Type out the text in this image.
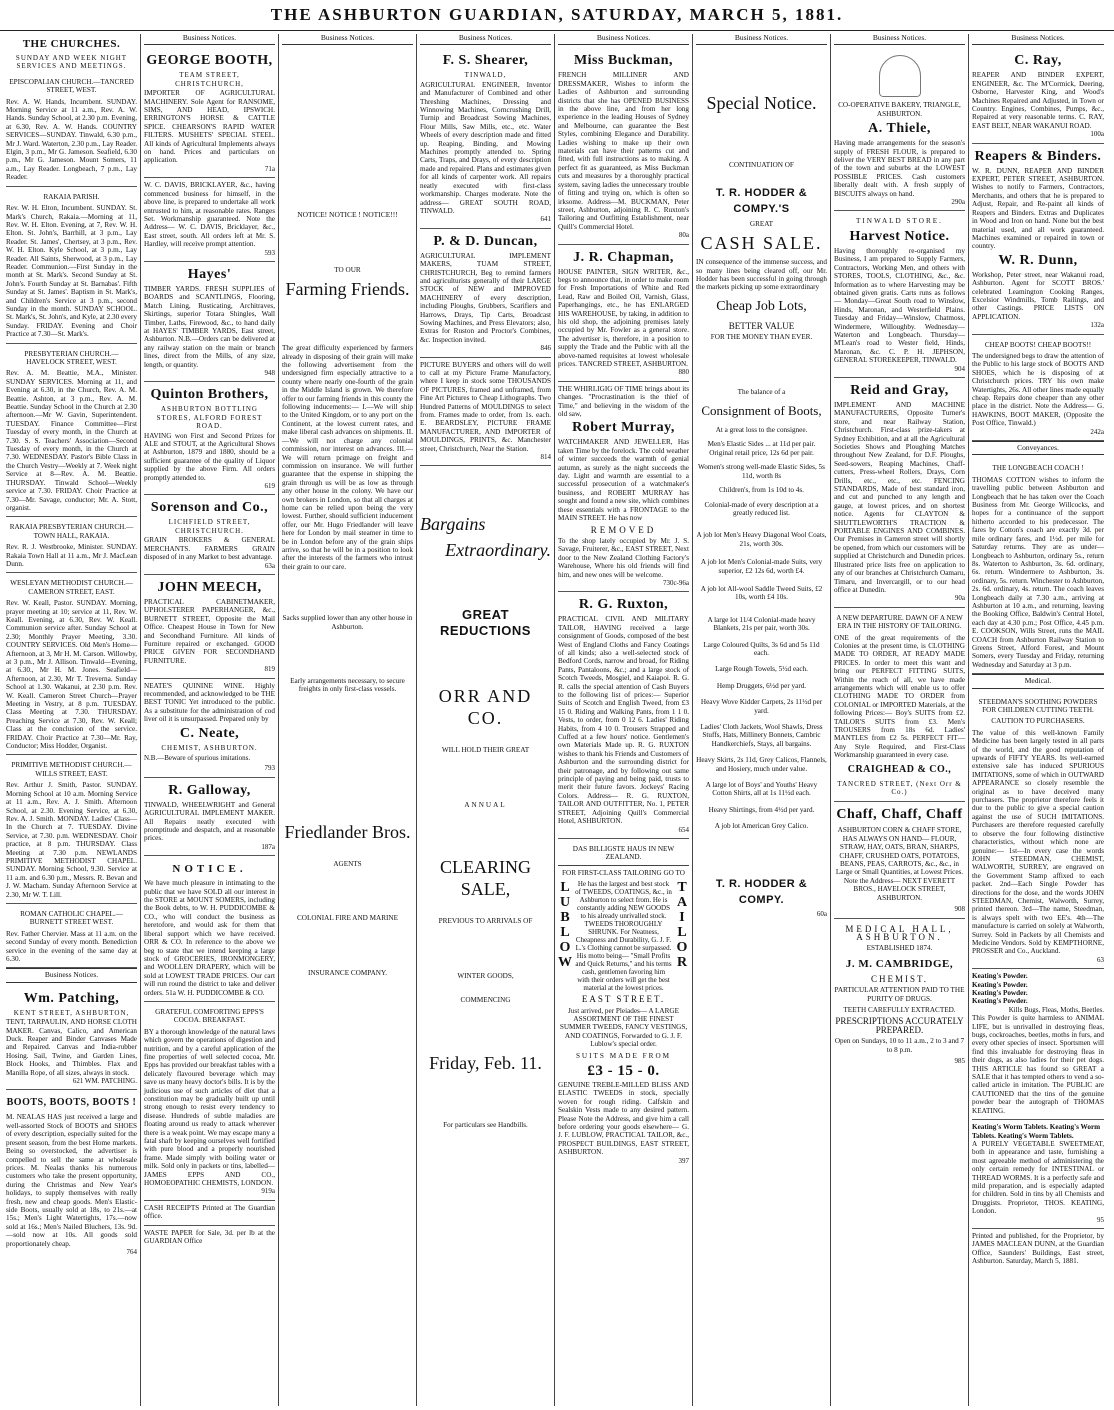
THE ASHBURTON GUARDIAN, SATURDAY, MARCH 5, 1881.
THE CHURCHES.
SUNDAY AND WEEK NIGHT SERVICES AND MEETINGS.
EPISCOPALIAN CHURCH.—TANCRED STREET, WEST.
Rev. A. W. Hands, Incumbent. SUNDAY. Morning Service at 11 a.m., Rev. A. W. Hands. Sunday School, at 2.30 p.m. Evening, at 6.30, Rev. A. W. Hands. COUNTRY SERVICES—SUNDAY. Tinwald, 6.30 p.m., Mr J. Ward. Waterton, 2.30 p.m., Lay Reader. Elgin, 3 p.m., Mr G. Jameson. Seafield, 6.30 p.m., Mr G. Jameson. Mount Somers, 11 a.m., Lay Reader. Longbeach, 7 p.m., Lay Reader.
RAKAIA PARISH.
Rev. W. H. Elton, Incumbent. SUNDAY. St. Mark's Church, Rakaia.—Morning at 11, Rev. W. H. Elton. Evening, at 7, Rev. W. H. Elton. St. John's, Barrhill, at 3 p.m., Lay Reader. St. James', Chertsey, at 3 p.m., Rev. W. H. Elton. Kyle School, at 3 p.m., Lay Reader. All Saints, Sherwood, at 3 p.m., Lay Reader. Communion.—First Sunday in the month at St. Mark's. Second Sunday at St. John's. Fourth Sunday at St. Barnabas'. Fifth Sunday at St. James'. Baptism in St. Mark's, and Children's Service at 3 p.m., second Sunday in the month. SUNDAY SCHOOL. St. Mark's, St. John's, and Kyle, at 2.30 every Sunday. FRIDAY. Evening and Choir Practice at 7.30—St. Mark's.
PRESBYTERIAN CHURCH.—HAVELOCK STREET, WEST.
Rev. A. M. Beattie, M.A., Minister. SUNDAY SERVICES. Morning at 11, and Evening at 6.30, in the Church, Rev. A. M. Beattie. Ashton, at 3 p.m., Rev. A. M. Beattie. Sunday School in the Church at 2.30 afternoon.—Mr W. Gavin, Superintendent. TUESDAY. Finance Committee—First Tuesday of every month, in the Church at 7.30. S. S. Teachers' Association—Second Tuesday of every month, in the Church at 7.30. WEDNESDAY. Pastor's Bible Class in the Church Vestry—Weekly at 7. Week night Service at 8—Rev. A. M. Beattie. THURSDAY. Tinwald School—Weekly service at 7.30. FRIDAY. Choir Practice at 7.30—Mr. Savage, conductor; Mr. A. Stott, organist.
RAKAIA PRESBYTERIAN CHURCH.—TOWN HALL, RAKAIA.
Rev. R. J. Westbrooke, Minister. SUNDAY. Rakaia Town Hall at 11 a.m., Mr J. MacLean Dunn.
WESLEYAN METHODIST CHURCH.—CAMERON STREET, EAST.
Rev. W. Keall, Pastor. SUNDAY. Morning, prayer meeting at 10; service at 11, Rev. W. Keall. Evening, at 6.30, Rev. W. Keall. Communion service after. Sunday School at 2.30; Monthly Prayer Meeting, 3.30. COUNTRY SERVICES. Old Men's Home—Afternoon, at 3, Mr H. M. Carson. Willowby, at 3 p.m., Mr J. Allison. Tinwald—Evening, at 6.30., Mr H. M. Jones. Seafield—Afternoon, at 2.30, Mr T. Treverna. Sunday School at 1.30. Wakanui, at 2.30 p.m. Rev. W. Keall. Cameron Street Church—Prayer Meeting in Vestry, at 8 p.m. TUESDAY. Class Meeting at 7.30. THURSDAY. Preaching Service at 7.30, Rev. W. Keall; Class at the conclusion of the service. FRIDAY. Choir Practice at 7.30—Mr. Ray, Conductor; Miss Hodder, Organist.
PRIMITIVE METHODIST CHURCH.—WILLS STREET, EAST.
Rev. Arthur J. Smith, Pastor. SUNDAY. Morning School at 10 a.m. Morning Service at 11 a.m., Rev. A. J. Smith. Afternoon School, at 2.30. Evening Service, at 6.30, Rev. A. J. Smith. MONDAY. Ladies' Class—In the Church at 7. TUESDAY. Divine Service, at 7.30. p.m. WEDNESDAY. Choir practice, at 8 p.m. THURSDAY. Class Meeting at 7.30 p.m. NEWLANDS PRIMITIVE METHODIST CHAPEL. SUNDAY. Morning School, 9.30. Service at 11 a.m. and 6.30 p.m., Messrs. R. Bevan and J. W. Macham. Sunday Afternoon Service at 2.30, Mr W. T. Lill.
ROMAN CATHOLIC CHAPEL.—BURNETT STREET WEST.
Rev. Father Chervier. Mass at 11 a.m. on the second Sunday of every month. Benediction service in the evening of the same day at 6.30.
Business Notices.
Wm. Patching,
KENT STREET, ASHBURTON,
TENT, TARPAULIN, AND HORSE CLOTH MAKER. Canvas, Calico, and American Duck. Reaper and Binder Canvases Made and Repaired. Canvas and India-rubber Hosing. Sail, Twine, and Garden Lines, Block Hooks, and Thimbles. Flax and Manilla Rope, of all sizes, always in stock.
621 WM. PATCHING.
BOOTS, BOOTS, BOOTS !
M. NEALAS HAS just received a large and well-assorted Stock of BOOTS and SHOES of every description, especially suited for the present season, from the best Home markets. Being so overstocked, the advertiser is compelled to sell the same at wholesale prices. M. Nealas thanks his numerous customers who take the present opportunity, during the Christmas and New Year's holidays, to supply themselves with really fresh, new and cheap goods. Men's Elastic-side Boots, usually sold at 18s, to 21s.—at 15s.; Men's Light Watertights, 17s.—now sold at 16s.; Men's Nailed Bluchers, 13s. 9d.—sold now at 10s. All goods sold proportionately cheap.
764
Business Notices.
GEORGE BOOTH,
TEAM STREET, CHRISTCHURCH,
IMPORTER OF AGRICULTURAL MACHINERY. Sole Agent for RANSOME, SIMS, AND HEAD, IPSWICH. ERRINGTON'S HORSE & CATTLE SPICE. CHEARSON'S RAPID WATER FILTERS. MUSHETS' SPECIAL STEEL. All kinds of Agricultural Implements always on hand. Prices and particulars on application.
71a
W. C. DAVIS, BRICKLAYER, &c., having commenced business for himself, in the above line, is prepared to undertake all work entrusted to him, at reasonable rates. Ranges Set. Workmanship guaranteed. Note the Address— W. C. DAVIS, Bricklayer, &c., East street, south. All orders left at Mr. S. Hardley, will receive prompt attention.
593
Hayes'
TIMBER YARDS. FRESH SUPPLIES of BOARDS and SCANTLINGS, Flooring, Match Lining, Rusticating, Architraves, Skirtings, superior Totara Shingles, Wall Timber, Laths, Firewood, &c., to hand daily at HAYES' TIMBER YARDS, East street, Ashburton. N.B.—Orders can be delivered at any railway station on the main or branch lines, direct from the Mills, of any size, length, or quantity.
948
Quinton Brothers,
ASHBURTON BOTTLING STORES, ALFORD FOREST ROAD.
HAVING won First and Second Prizes for ALE and STOUT, at the Agricultural Shows at Ashburton, 1879 and 1880, should be a sufficient guarantee of the quality of Liquor supplied by the above Firm. All orders promptly attended to.
619
Sorenson and Co.,
LICHFIELD STREET, CHRISTCHURCH.
GRAIN BROKERS & GENERAL MERCHANTS. FARMERS GRAIN disposed of in any Market to best advantage.
63a
JOHN MEECH,
PRACTICAL CABINETMAKER, UPHOLSTERER PAPERHANGER, &c., BURNETT STREET, Opposite the Mail Office. Cheapest House in Town for New and Secondhand Furniture. All kinds of Furniture repaired or exchanged. GOOD PRICE GIVEN FOR SECONDHAND FURNITURE.
819
NEATE'S QUININE WINE. Highly recommended, and acknowledged to be THE BEST TONIC Yet introduced to the public. As a substitute for the administration of cod liver oil it is unsurpassed. Prepared only by
C. Neate,
CHEMIST, ASHBURTON.
N.B.—Beware of spurious imitations.
793
R. Galloway,
TINWALD, WHEELWRIGHT and General AGRICULTURAL IMPLEMENT MAKER. All Repairs neatly executed with promptitude and despatch, and at reasonable prices.
187a
NOTICE.
We have much pleasure in intimating to the public that we have SOLD all our interest in the STORE at MOUNT SOMERS, including the Book debts, to W. H. PUDDICOMBE & CO., who will conduct the business as heretofore, and would ask for them that liberal support which we have received. ORR & CO. In reference to the above we beg to state that we intend keeping a large stock of GROCERIES, IRONMONGERY, and WOOLLEN DRAPERY, which will be sold at LOWEST TRADE PRICES. Our cart will run round the district to take and deliver orders. 51a W. H. PUDDICOMBE & CO.
GRATEFUL COMFORTING EPPS'S COCOA. BREAKFAST.
BY a thorough knowledge of the natural laws which govern the operations of digestion and nutrition, and by a careful application of the fine properties of well selected cocoa, Mr. Epps has provided our breakfast tables with a delicately flavoured beverage which may save us many heavy doctor's bills. It is by the judicious use of such articles of diet that a constitution may be gradually built up until strong enough to resist every tendency to disease. Hundreds of subtle maladies are floating around us ready to attack wherever there is a weak point. We may escape many a fatal shaft by keeping ourselves well fortified with pure blood and a properly nourished frame. Made simply with boiling water or milk. Sold only in packets or tins, labelled— JAMES EPPS AND CO., HOMOEOPATHIC CHEMISTS, LONDON.
919a
CASH RECEIPTS Printed at The Guardian office.
WASTE PAPER for Sale, 3d. per lb at the GUARDIAN Office
Business Notices.
NOTICE! NOTICE ! NOTICE!!!
TO OUR
Farming Friends.
The great difficulty experienced by farmers already in disposing of their grain will make the following advertisement from the undersigned firm especially attractive to a county where nearly one-fourth of the grain in the Middle Island is grown. We therefore offer to our farming friends in this county the following inducements:— I.—We will ship to the United Kingdom, or to any port on the Continent, at the lowest current rates, and make liberal cash advances on shipments. II.—We will not charge any colonial commission, nor interest on advances. III.—We will return primage on freight and commission on insurance. We will further guarantee that the expense in shipping the grain through us will be as low as through any other house in the colony. We have our own brokers in London, so that all charges at home can be relied upon being the very lowest. Further, should sufficient inducement offer, our Mr. Hugo Friedlander will leave here for London by mail steamer in time to be in London before any of the grain ships arrive, so that he will be in a position to look after the interests of the farmers who intrust their grain to our care.
Sacks supplied lower than any other house in Ashburton.
Early arrangements necessary, to secure freights in only first-class vessels.
Friedlander Bros.
AGENTS
COLONIAL FIRE AND MARINE
INSURANCE COMPANY.
Business Notices.
F. S. Shearer,
TINWALD,
AGRICULTURAL ENGINEER, Inventor and Manufacturer of Combined and other Threshing Machines, Dressing and Winnowing Machines, Corncrushing Drill, Turnip and Broadcast Sowing Machines, Flour Mills, Saw Mills, etc., etc. Water Wheels of every description made and fitted up. Reaping, Binding, and Mowing Machines promptly attended to. Spring Carts, Traps, and Drays, of every description made and repaired. Plans and estimates given for all kinds of carpenter work. All repairs neatly executed with first-class workmanship. Charges moderate. Note the address— GREAT SOUTH ROAD, TINWALD.
641
P. & D. Duncan,
AGRICULTURAL IMPLEMENT MAKERS, TUAM STREET, CHRISTCHURCH, Beg to remind farmers and agriculturists generally of their LARGE STOCK of NEW and IMPROVED MACHINERY of every description, including Ploughs, Grubbers, Scarifiers and Harrows, Drays, Tip Carts, Broadcast Sowing Machines, and Press Elevators; also, Extras for Ruston and Proctor's Combines, &c. Inspection invited.
846
PICTURE BUYERS and others will do well to call at my Picture Frame Manufactory, where I keep in stock some THOUSANDS OF PICTURES, framed and unframed, from Fine Art Pictures to Cheap Lithographs. Two Hundred Patterns of MOULDINGS to select from. Frames made to order, from 1s. each. E. BEARDSLEY, PICTURE FRAME MANUFACTURER, AND IMPORTER of MOULDINGS, PRINTS, &c. Manchester street, Christchurch, Near the Station.
814
Bargains
Extraordinary.
GREAT REDUCTIONS
ORR AND CO.
WILL HOLD THEIR GREAT
ANNUAL
CLEARING SALE,
PREVIOUS TO ARRIVALS OF
WINTER GOODS,
COMMENCING
Friday, Feb. 11.
For particulars see Handbills.
Business Notices.
Miss Buckman,
FRENCH MILLINER AND DRESSMAKER, Wishes to inform the Ladies of Ashburton and surrounding districts that she has OPENED BUSINESS in the above line, and from her long experience in the leading Houses of Sydney and Melbourne, can guarantee the Best Styles, combining Elegance and Durability. Ladies wishing to make up their own materials can have their patterns cut and fitted, with full instructions as to making. A perfect fit as guaranteed, as Miss Buckman cuts and measures by a thoroughly practical system, saving ladies the unnecessary trouble of fitting and trying on, which is often so irksome. Address—M. BUCKMAN, Peter street, Ashburton, adjoining R. C. Ruxton's Tailoring and Outfitting Establishment, near Quill's Commercial Hotel.
80a
J. R. Chapman,
HOUSE PAINTER, SIGN WRITER, &c., begs to announce that, in order to make room for Fresh Importations of White and Red Lead, Raw and Boiled Oil, Varnish, Glass, Paperhangings, etc., he has ENLARGED HIS WAREHOUSE, by taking, in addition to his old shop, the adjoining premises lately occupied by Mr. Fowler as a general store. The advertiser is, therefore, in a position to supply the Trade and the Public with all the above-named requisites at lowest wholesale prices. TANCRED STREET, ASHBURTON.
880
THE WHIRLIGIG OF TIME brings about its changes. "Procrastination is the thief of Time," and believing in the wisdom of the old saw,
Robert Murray,
WATCHMAKER AND JEWELLER, Has taken Time by the forelock. The cold weather of winter succeeds the warmth of genial autumn, as surely as the night succeeds the day. Light and warmth are essential to a successful prosecution of a watchmaker's business, and ROBERT MURRAY has sought and found a new site, which combines these essentials with a FRONTAGE to the MAIN STREET. He has now
REMOVED
To the shop lately occupied by Mr. J. S. Savage, Fruiterer, &c., EAST STREET, Next door to the New Zealand Clothing Factory's Warehouse, Where his old friends will find him, and new ones will be welcome.
730c-96a
R. G. Ruxton,
PRACTICAL CIVIL AND MILITARY TAILOR, HAVING received a large consignment of Goods, composed of the best West of England Cloths and Fancy Coatings of all kinds; also a well-selected stock of Bedford Cords, narrow and broad, for Riding Pants, Pantaloons, &c.; and a large stock of Scotch Tweeds, Mosgiel, and Kaiapoi. R. G. R. calls the special attention of Cash Buyers to the following list of prices:— Superior Suits of Scotch and English Tweed, from £3 15 0. Riding and Walking Pants, from 1 1 0. Vests, to order, from 0 12 6. Ladies' Riding Habits, from 4 10 0. Trousers Strapped and Cuffed at a few hours' notice. Gentlemen's own Materials Made up. R. G. RUXTON wishes to thank his Friends and Customers of Ashburton and the surrounding district for their patronage, and by following out same principle of paying and being paid, trusts to merit their future favors. Jockeys' Racing Colors. Address— R. G. RUXTON, TAILOR AND OUTFITTER, No. 1, PETER STREET, Adjoining Quill's Commercial Hotel, ASHBURTON.
654
DAS BILLIGSTE HAUS IN NEW ZEALAND.
FOR FIRST-CLASS TAILORING GO TO
LUBLOW
He has the largest and best stock of TWEEDS, COATINGS, &c., in Ashburton to select from. He is constantly adding NEW GOODS to his already unrivalled stock. TWEEDS THOROUGHLY SHRUNK. For Neatness, Cheapness and Durability, G. J. F. L.'s Clothing cannot be surpassed. His motto being— "Small Profits and Quick Returns," and his terms cash, gentlemen favoring him with their orders will get the best material at the lowest prices.
TAILOR
EAST STREET.
Just arrived, per Pleiades— A LARGE ASSORTMENT OF THE FINEST SUMMER TWEEDS, FANCY VESTINGS, AND COATINGS, Forwarded to G. J. F. Lublow's special order.
SUITS MADE FROM
£3 - 15 - 0.
GENUINE TREBLE-MILLED BLISS AND ELASTIC TWEEDS in stock, specially woven for rough riding. Calfskin and Sealskin Vests made to any desired pattern. Please Note the Address, and give him a call before ordering your goods elsewhere— G. J. F. LUBLOW, PRACTICAL TAILOR, &c., PROSPECT BUILDINGS, EAST STREET, ASHBURTON.
397
Business Notices.
Special Notice.
CONTINUATION OF
T. R. HODDER & COMPY.'S
GREAT
CASH SALE.
IN consequence of the immense success, and so many lines being cleared off, our Mr. Hodder has been successful in going through the markets picking up some extraordinary
Cheap Job Lots,
BETTER VALUE
FOR THE MONEY THAN EVER.
The balance of a
Consignment of Boots,
At a great loss to the consignee.
Men's Elastic Sides ... at 11d per pair. Original retail price, 12s 6d per pair.
Women's strong well-made Elastic Sides, 5s 11d, worth 8s
Children's, from 1s 10d to 4s.
Colonial-made of every description at a greatly reduced list.
A job lot Men's Heavy Diagonal Wool Coats, 21s, worth 30s.
A job lot Men's Colonial-made Suits, very superior, £2 12s 6d, worth £4.
A job lot All-wool Saddle Tweed Suits, £2 10s, worth £4 10s.
A large lot 11/4 Colonial-made heavy Blankets, 21s per pair, worth 30s.
Large Coloured Quilts, 3s 6d and 5s 11d each.
Large Rough Towels, 5½d each.
Hemp Druggets, 6½d per yard.
Heavy Wove Kidder Carpets, 2s 11½d per yard.
Ladies' Cloth Jackets, Wool Shawls, Dress Stuffs, Hats, Millinery Bonnets, Cambric Handkerchiefs, Stays, all bargains.
Heavy Skirts, 2s 11d, Grey Calicos, Flannels, and Hosiery, much under value.
A large lot of Boys' and Youths' Heavy Cotton Shirts, all at 1s 11½d each.
Heavy Shirtings, from 4½d per yard.
A job lot American Grey Calico.
T. R. HODDER & COMPY.
60a
Business Notices.
CO-OPERATIVE BAKERY, TRIANGLE, ASHBURTON.
A. Thiele,
Having made arrangements for the season's supply of FRESH FLOUR, is prepared to deliver the VERY BEST BREAD in any part of the town and suburbs at the LOWEST POSSIBLE PRICES. Cash customers liberally dealt with. A fresh supply of BISCUITS always on hand.
290a
TINWALD STORE.
Harvest Notice.
Having thoroughly re-organised my Business, I am prepared to Supply Farmers, Contractors, Working Men, and others with STORES, TOOLS, CLOTHING, &c., &c. Information as to where Harvesting may be obtained given gratis. Carts runs as follows— Monday—Great South road to Winslow, Hinds, Maronan, and Westerfield Plains. Tuesday and Friday—Winslow, Chatmoss, Windermere, Willoughby. Wednesday—Waterton and Longbeach. Thursday—M'Lean's road to Wester field, Hinds, Maronan, &c. C. P. H. JEPHSON, GENERAL STOREKEEPER, TINWALD.
904
Reid and Gray,
IMPLEMENT AND MACHINE MANUFACTURERS, Opposite Turner's store, and near Railway Station, Christchurch. First-class prize-takers at Sydney Exhibition, and at all the Agricultural Societies Shows and Ploughing Matches throughout New Zealand, for D.F. Ploughs, Seed-sowers, Reaping Machines, Chaff-cutters, Press-wheel Rollers, Drays, Corn Drills, etc., etc., etc. FENCING STANDARDS, Made of best standard iron, and cut and punched to any length and gauge, at lowest prices, and on shortest notice. Agents for CLAYTON & SHUTTLEWORTH'S TRACTION & PORTABLE ENGINES AND COMBINES. Our Premises in Cameron street will shortly be opened, from which our customers will be supplied at Christchurch and Dunedin prices. Illustrated price lists free on application to any of our branches at Christchurch Oamaru, Timaru, and Invercargill, or to our head office at Dunedin.
90a
A NEW DEPARTURE. DAWN OF A NEW ERA IN THE HISTORY OF TAILORING.
ONE of the great requirements of the Colonies at the present time, is CLOTHING MADE TO ORDER, AT READY MADE PRICES. In order to meet this want and bring our PERFECT FITTING SUITS, Within the reach of all, we have made arrangements which will enable us to offer CLOTHING MADE TO ORDER from COLONIAL or IMPORTED Materials, at the following Prices:— Boy's SUITS from £2. TAILOR'S SUITS from £3. Men's TROUSERS from 18s 6d. Ladies' MANTLES from £2 5s. PERFECT FIT—Any Style Required, and First-Class Workmanship guaranteed in every case.
CRAIGHEAD & CO.,
TANCRED STREET, (Next Orr & Co.)
Chaff, Chaff, Chaff
ASHBURTON CORN & CHAFF STORE, HAS ALWAYS ON HAND— FLOUR, STRAW, HAY, OATS, BRAN, SHARPS, CHAFF, CRUSHED OATS, POTATOES, BEANS, PEAS, CARROTS, &c., &c., in Large or Small Quantities, at Lowest Prices. Note the Address— NEXT EVERETT BROS., HAVELOCK STREET, ASHBURTON.
908
MEDICAL HALL, ASHBURTON.
ESTABLISHED 1874.
J. M. CAMBRIDGE,
CHEMIST.
PARTICULAR ATTENTION PAID TO THE PURITY OF DRUGS.
TEETH CAREFULLY EXTRACTED.
PRESCRIPTIONS ACCURATELY PREPARED.
Open on Sundays, 10 to 11 a.m., 2 to 3 and 7 to 8 p.m.
985
Business Notices.
C. Ray,
REAPER AND BINDER EXPERT, ENGINEER, &c. The M'Cormick, Deering, Osborne, Harvester King, and Wood's Machines Repaired and Adjusted, in Town or Country. Engines, Combines, Pumps, &c., Repaired at very reasonable terms. C. RAY, EAST BELT, NEAR WAKANUI ROAD.
100a
Reapers & Binders.
W. R. DUNN, REAPER AND BINDER EXPERT, PETER STREET, ASHBURTON. Wishes to notify to Farmers, Contractors, Merchants, and others that he is prepared to Adjust, Repair, and Re-paint all kinds of Reapers and Binders. Extras and Duplicates in Wood and Iron on hand. None but the best material used, and all work guaranteed. Machines examined or repaired in town or country.
W. R. Dunn,
Workshop, Peter street, near Wakanui road, Ashburton. Agent for SCOTT BROS.' celebrated Leamington Cooking Ranges, Excelsior Windmills, Tomb Railings, and other Castings. PRICE LISTS ON APPLICATION.
132a
CHEAP BOOTS! CHEAP BOOTS!!
The undersigned begs to draw the attention of the Public to his large stock of BOOTS AND SHOES, which he is disposing of at Christchurch prices. TRY his own make Watertights, 26s. All other lines made equally cheap. Repairs done cheaper than any other place in the district. Note the Address— G. HAWKINS, BOOT MAKER, (Opposite the Post Office, Tinwald.)
242a
Conveyances.
THE LONGBEACH COACH !
THOMAS COTTON wishes to inform the travelling public between Ashburton and Longbeach that he has taken over the Coach Business from Mr. George Willcocks, and hopes for a continuance of the support hitherto accorded to his predecessor. The fares by Cotton's coach are exactly 3d. per mile ordinary fares, and 1½d. per mile for Saturday returns. They are as under— Longbeach to Ashburton, ordinary 5s., return 8s. Waterton to Ashburton, 3s. 6d. ordinary, 6s. return. Windermere to Ashburton, 3s. ordinary, 5s. return. Winchester to Ashburton, 2s. 6d. ordinary, 4s. return. The coach leaves Longbeach daily at 7.30 a.m., arriving at Ashburton at 10 a.m., and returning, leaving the Booking Office, Baldwin's Central Hotel, each day at 4.30 p.m.; Post Office, 4.45 p.m. E. COOKSON, Wills Street, runs the MAIL COACH from Ashburton Railway Station to Greens Street, Alford Forest, and Mount Somers, every Tuesday and Friday, returning Wednesday and Saturday at 3 p.m.
Medical.
STEEDMAN'S SOOTHING POWDERS FOR CHILDREN CUTTING TEETH.
CAUTION TO PURCHASERS.
The value of this well-known Family Medicine has been largely tested in all parts of the world, and the good reputation of upwards of FIFTY YEARS. Its well-earned extensive sale has induced SPURIOUS IMITATIONS, some of which in OUTWARD APPEARANCE so closely resemble the original as to have deceived many purchasers. The proprietor therefore feels it due to the public to give a special caution against the use of SUCH IMITATIONS. Purchasers are therefore requested carefully to observe the four following distinctive characteristics, without which none are genuine:— 1st—In every case the words JOHN STEEDMAN, CHEMIST, WALWORTH, SURREY, are engraved on the Government Stamp affixed to each packet. 2nd—Each Single Powder has directions for the dose, and the words JOHN STEEDMAN, Chemist, Walworth, Surrey, printed thereon. 3rd—The name, Steedman, is always spelt with two EE's. 4th—The manufacture is carried on solely at Walworth, Surrey. Sold in Packets by all Chemists and Medicine Vendors. Sold by KEMPTHORNE, PROSSER and Co., Auckland.
63
Keating's Powder.
Keating's Powder.
Keating's Powder.
Keating's Powder.
Kills Bugs, Fleas, Moths, Beetles.
This Powder is quite harmless to ANIMAL LIFE, but is unrivalled in destroying fleas, bugs, cockroaches, beetles, moths in furs, and every other species of insect. Sportsmen will find this invaluable for destroying fleas in their dogs, as also ladies for their pet dogs. THIS ARTICLE has found so GREAT a SALE that it has tempted others to vend a so-called article in imitation. The PUBLIC are CAUTIONED that the tins of the genuine powder bear the autograph of THOMAS KEATING.
Keating's Worm Tablets. Keating's Worm Tablets. Keating's Worm Tablets.
A PURELY VEGETABLE SWEETMEAT, both in appearance and taste, furnishing a most agreeable method of administering the only certain remedy for INTESTINAL or THREAD WORMS. It is a perfectly safe and mild preparation, and is especially adapted for children. Sold in tins by all Chemists and Druggists. Proprietor, THOS. KEATING, London.
95
Printed and published, for the Proprietor, by JAMES MACLEAN DUNN, at the Guardian Office, Saunders' Buildings, East street, Ashburton. Saturday, March 5, 1881.
